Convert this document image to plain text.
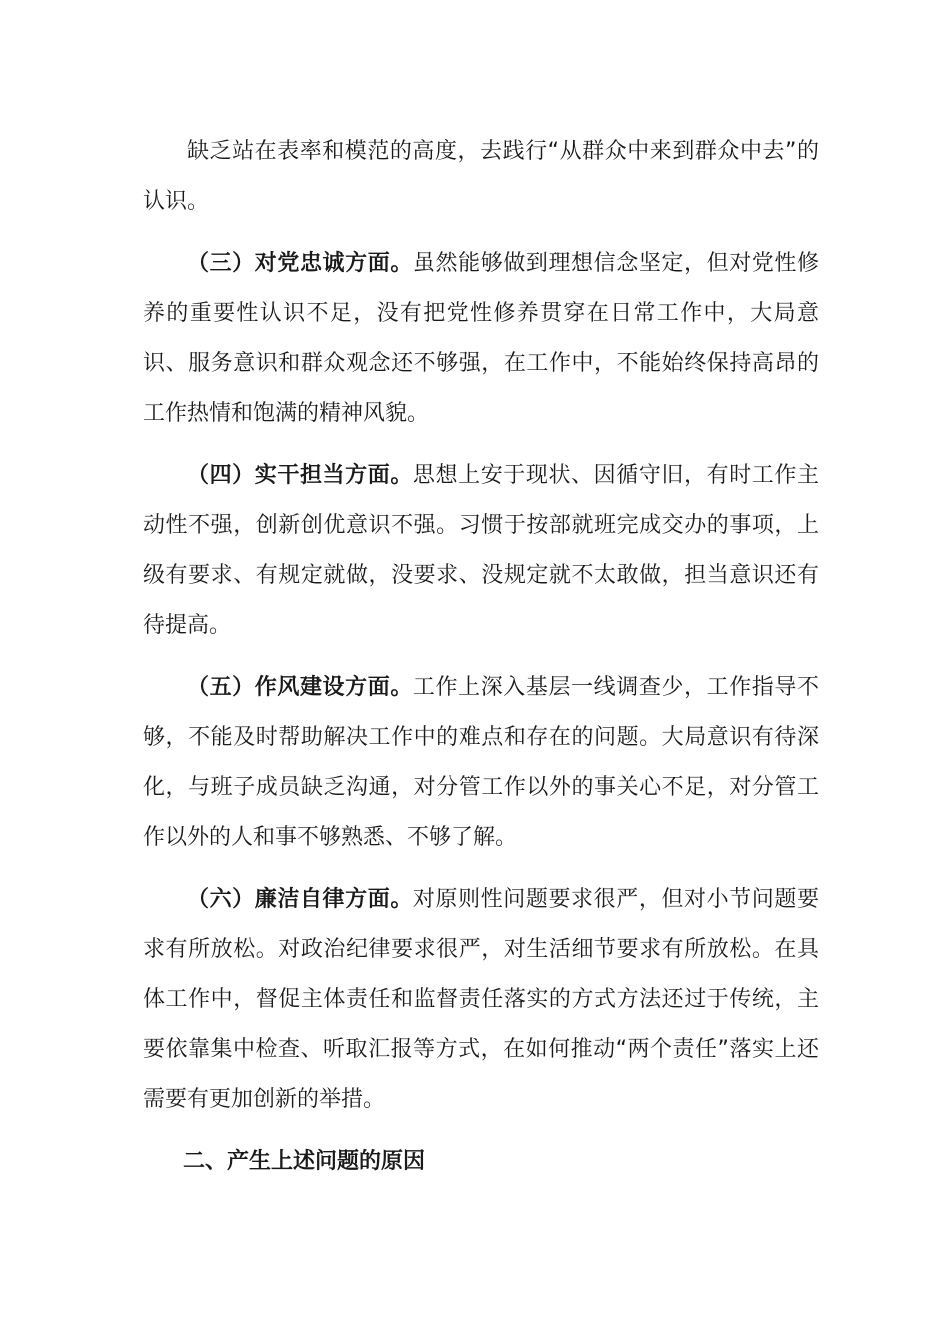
缺乏站在表率和模范的高度，去践行“从群众中来到群众中去”的认识。

（三）对党忠诚方面。虽然能够做到理想信念坚定，但对党性修养的重要性认识不足，没有把党性修养贯穿在日常工作中，大局意识、服务意识和群众观念还不够强，在工作中，不能始终保持高昂的工作热情和饱满的精神风貌。

（四）实干担当方面。思想上安于现状、因循守旧，有时工作主动性不强，创新创优意识不强。习惯于按部就班完成交办的事项，上级有要求、有规定就做，没要求、没规定就不太敢做，担当意识还有待提高。

（五）作风建设方面。工作上深入基层一线调查少，工作指导不够，不能及时帮助解决工作中的难点和存在的问题。大局意识有待深化，与班子成员缺乏沟通，对分管工作以外的事关心不足，对分管工作以外的人和事不够熟悉、不够了解。

（六）廉洁自律方面。对原则性问题要求很严，但对小节问题要求有所放松。对政治纪律要求很严，对生活细节要求有所放松。在具体工作中，督促主体责任和监督责任落实的方式方法还过于传统，主要依靠集中检查、听取汇报等方式，在如何推动“两个责任”落实上还需要有更加创新的举措。

二、产生上述问题的原因
